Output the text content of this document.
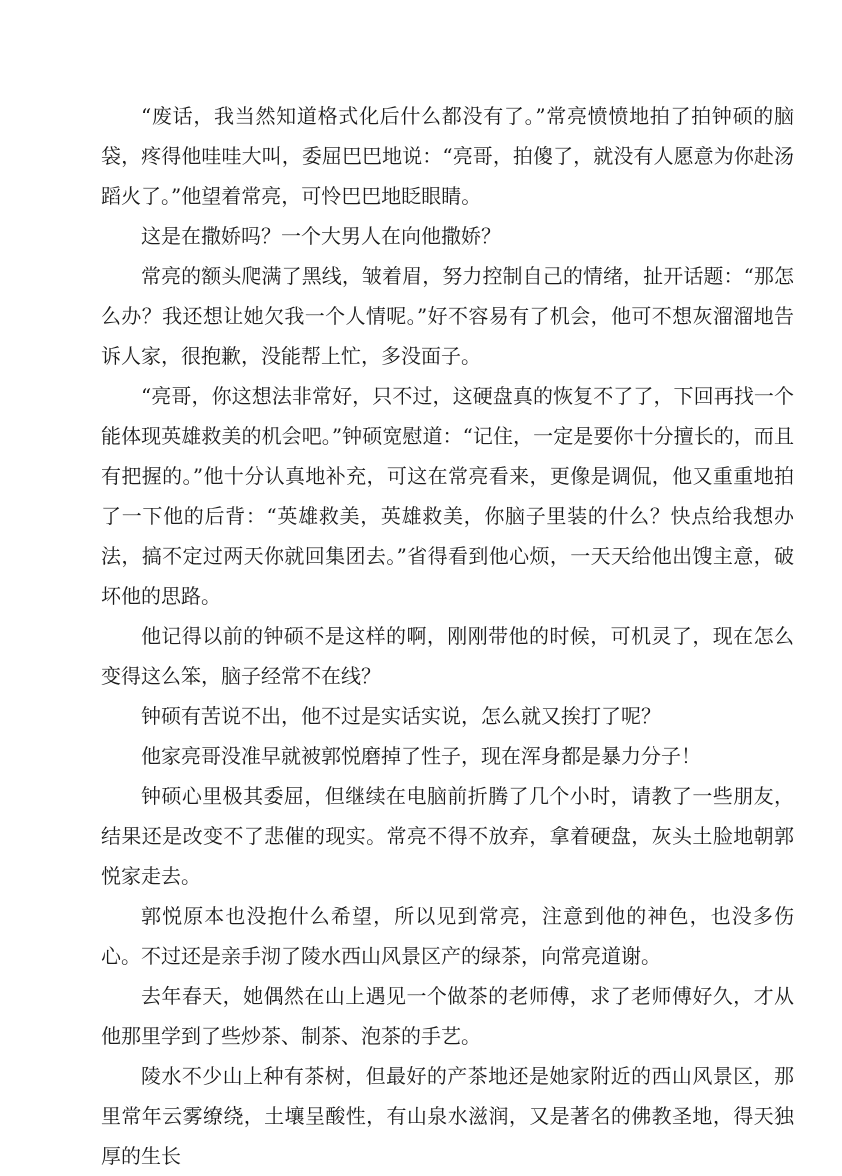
“废话，我当然知道格式化后什么都没有了。”常亮愤愤地拍了拍钟硕的脑袋，疼得他哇哇大叫，委屈巴巴地说：“亮哥，拍傻了，就没有人愿意为你赴汤蹈火了。”他望着常亮，可怜巴巴地眨眼睛。

这是在撒娇吗？一个大男人在向他撒娇？

常亮的额头爬满了黑线，皱着眉，努力控制自己的情绪，扯开话题：“那怎么办？我还想让她欠我一个人情呢。”好不容易有了机会，他可不想灰溜溜地告诉人家，很抱歉，没能帮上忙，多没面子。

“亮哥，你这想法非常好，只不过，这硬盘真的恢复不了了，下回再找一个能体现英雄救美的机会吧。”钟硕宽慰道：“记住，一定是要你十分擅长的，而且有把握的。”他十分认真地补充，可这在常亮看来，更像是调侃，他又重重地拍了一下他的后背：“英雄救美，英雄救美，你脑子里装的什么？快点给我想办法，搞不定过两天你就回集团去。”省得看到他心烦，一天天给他出馊主意，破坏他的思路。

他记得以前的钟硕不是这样的啊，刚刚带他的时候，可机灵了，现在怎么变得这么笨，脑子经常不在线？

钟硕有苦说不出，他不过是实话实说，怎么就又挨打了呢？

他家亮哥没准早就被郭悦磨掉了性子，现在浑身都是暴力分子！

钟硕心里极其委屈，但继续在电脑前折腾了几个小时，请教了一些朋友，结果还是改变不了悲催的现实。常亮不得不放弃，拿着硬盘，灰头土脸地朝郭悦家走去。

郭悦原本也没抱什么希望，所以见到常亮，注意到他的神色，也没多伤心。不过还是亲手沏了陵水西山风景区产的绿茶，向常亮道谢。

去年春天，她偶然在山上遇见一个做茶的老师傅，求了老师傅好久，才从他那里学到了些炒茶、制茶、泡茶的手艺。

陵水不少山上种有茶树，但最好的产茶地还是她家附近的西山风景区，那里常年云雾缭绕，土壤呈酸性，有山泉水滋润，又是著名的佛教圣地，得天独厚的生长
